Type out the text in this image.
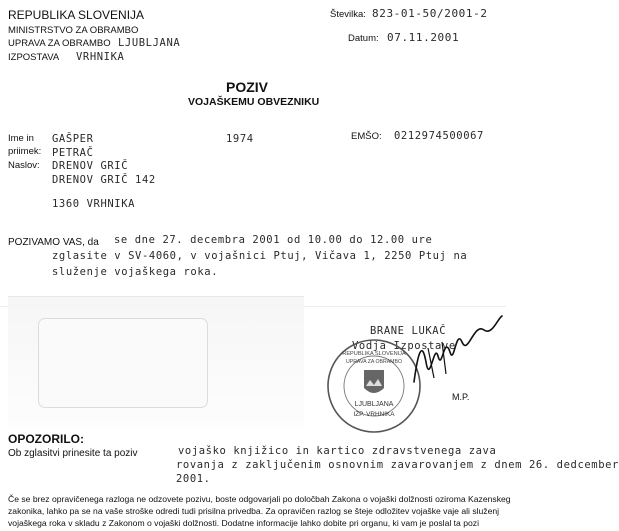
REPUBLIKA SLOVENIJA
MINISTRSTVO ZA OBRAMBO
UPRAVA ZA OBRAMBO LJUBLJANA
IZPOSTAVA VRHNIKA
Številka: 823-01-50/2001-2
Datum: 07.11.2001
POZIV
VOJAŠKEMU OBVEZNIKU
Ime in
priimek:
GAŠPER
PETRAČ
1974	EMŠO: 0212974500067
Naslov: DRENOV GRIČ
DRENOV GRIČ 142
1360 VRHNIKA
POZIVAMO VAS, da se dne 27. decembra 2001 od 10.00 do 12.00 ure
zglasite v SV-4060, v vojašnici Ptuj, Vičava 1, 2250 Ptuj na
služenje vojaškega roka.
BRANE LUKAČ
Vodja Izpostave
REPUBLIKA SLOVENIJA
UPRAVA ZA OBRAMBO
LJUBLJANA
IZP. VRHNIKA
M.P.
OPOZORILO:
Ob zglasitvi prinesite ta poziv	vojaško knjižico in kartico zdravstvenega zava
rovanja z zaključenim osnovnim zavarovanjem z dnem 26. dedcember
2001.
Če se brez opravičenega razloga ne odzovete pozivu, boste odgovarjali po določbah Zakona o vojaški dolžnosti oziroma Kazenskeg
zakonika, lahko pa se na vaše stroške odredi tudi prisilna privedba. Za opravičen razlog se šteje odložitev vojaške vaje ali služenj
vojaškega roka v skladu z Zakonom o vojaški dolžnosti. Dodatne informacije lahko dobite pri organu, ki vam je poslal ta pozi
